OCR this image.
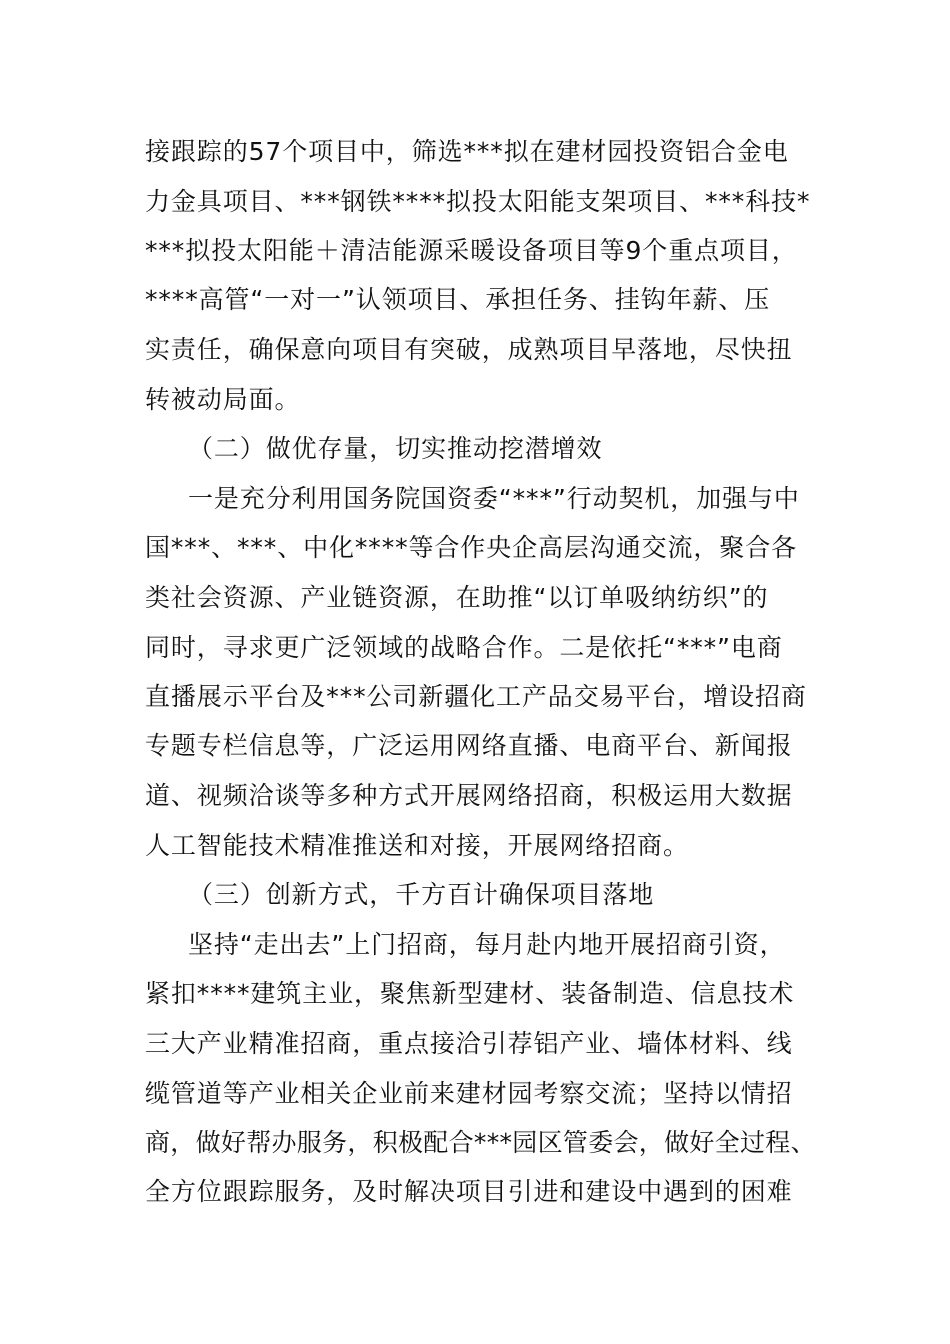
接跟踪的57个项目中，筛选***拟在建材园投资铝合金电
力金具项目、***钢铁****拟投太阳能支架项目、***科技*
***拟投太阳能＋清洁能源采暖设备项目等9个重点项目，
****高管“一对一”认领项目、承担任务、挂钩年薪、压
实责任，确保意向项目有突破，成熟项目早落地，尽快扭
转被动局面。
（二）做优存量，切实推动挖潜增效
一是充分利用国务院国资委“***”行动契机，加强与中
国***、***、中化****等合作央企高层沟通交流，聚合各
类社会资源、产业链资源，在助推“以订单吸纳纺织”的
同时，寻求更广泛领域的战略合作。二是依托“***”电商
直播展示平台及***公司新疆化工产品交易平台，增设招商
专题专栏信息等，广泛运用网络直播、电商平台、新闻报
道、视频洽谈等多种方式开展网络招商，积极运用大数据
人工智能技术精准推送和对接，开展网络招商。
（三）创新方式，千方百计确保项目落地
坚持“走出去”上门招商，每月赴内地开展招商引资，
紧扣****建筑主业，聚焦新型建材、装备制造、信息技术
三大产业精准招商，重点接洽引荐铝产业、墙体材料、线
缆管道等产业相关企业前来建材园考察交流；坚持以情招
商，做好帮办服务，积极配合***园区管委会，做好全过程、
全方位跟踪服务，及时解决项目引进和建设中遇到的困难
